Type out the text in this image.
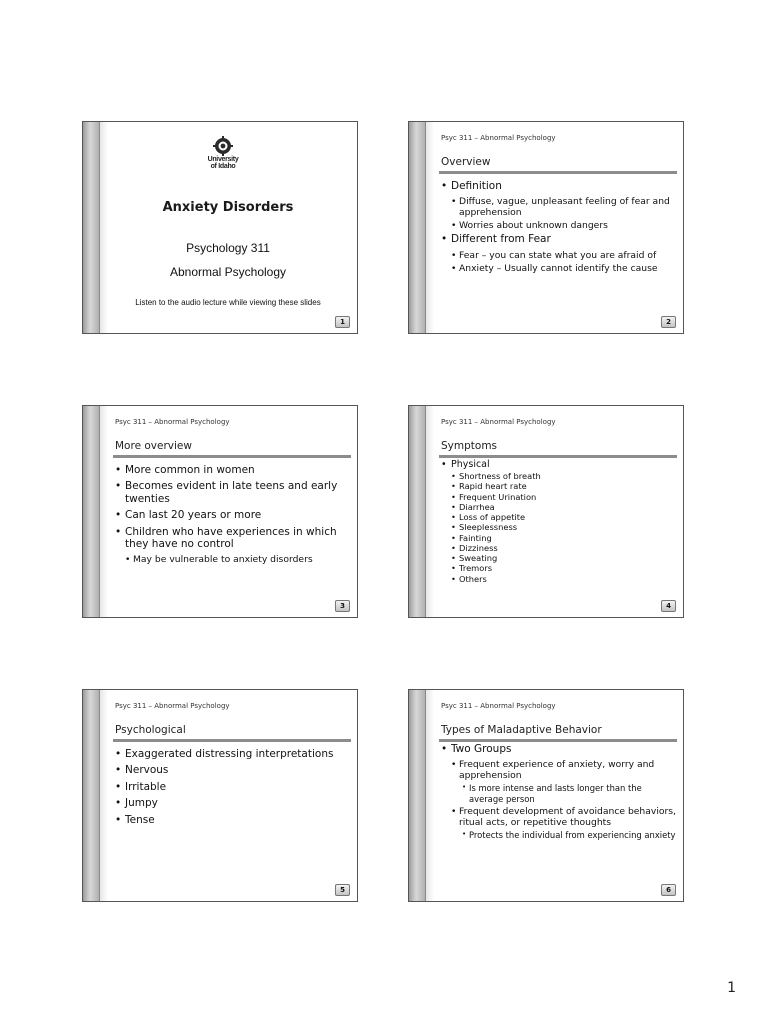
University
of Idaho
Anxiety Disorders
Psychology 311
Abnormal Psychology
Listen to the audio lecture while viewing these slides
1
Psyc 311 – Abnormal Psychology
Overview
• Definition
• Diffuse, vague, unpleasant feeling of fear and apprehension
• Worries about unknown dangers
• Different from Fear
• Fear – you can state what you are afraid of
• Anxiety – Usually cannot identify the cause
2
Psyc 311 – Abnormal Psychology
More overview
• More common in women
• Becomes evident in late teens and early twenties
• Can last 20 years or more
• Children who have experiences in which they have no control
• May be vulnerable to anxiety disorders
3
Psyc 311 – Abnormal Psychology
Symptoms
• Physical
• Shortness of breath
• Rapid heart rate
• Frequent Urination
• Diarrhea
• Loss of appetite
• Sleeplessness
• Fainting
• Dizziness
• Sweating
• Tremors
• Others
4
Psyc 311 – Abnormal Psychology
Psychological
• Exaggerated distressing interpretations
• Nervous
• Irritable
• Jumpy
• Tense
5
Psyc 311 – Abnormal Psychology
Types of Maladaptive Behavior
• Two Groups
• Frequent experience of anxiety, worry and apprehension
• Is more intense and lasts longer than the average person
• Frequent development of avoidance behaviors, ritual acts, or repetitive thoughts
• Protects the individual from experiencing anxiety
6
1
